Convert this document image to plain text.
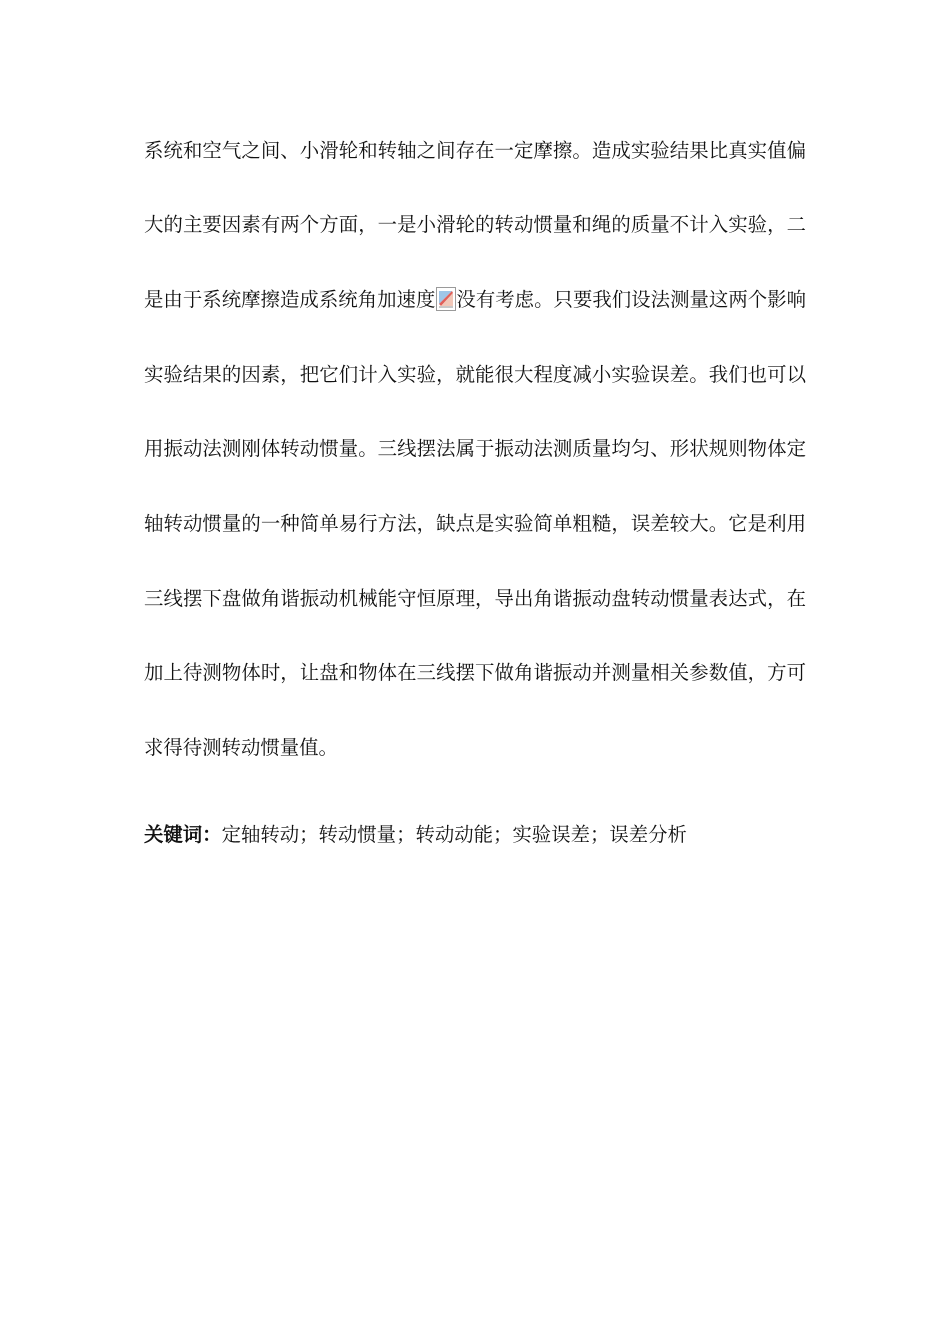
系统和空气之间、小滑轮和转轴之间存在一定摩擦。造成实验结果比真实值偏
大的主要因素有两个方面，一是小滑轮的转动惯量和绳的质量不计入实验，二
是由于系统摩擦造成系统角加速度 没有考虑。只要我们设法测量这两个影响
实验结果的因素，把它们计入实验，就能很大程度减小实验误差。我们也可以
用振动法测刚体转动惯量。三线摆法属于振动法测质量均匀、形状规则物体定
轴转动惯量的一种简单易行方法，缺点是实验简单粗糙，误差较大。它是利用
三线摆下盘做角谐振动机械能守恒原理，导出角谐振动盘转动惯量表达式，在
加上待测物体时，让盘和物体在三线摆下做角谐振动并测量相关参数值，方可
求得待测转动惯量值。
关键词：定轴转动；转动惯量；转动动能；实验误差；误差分析
